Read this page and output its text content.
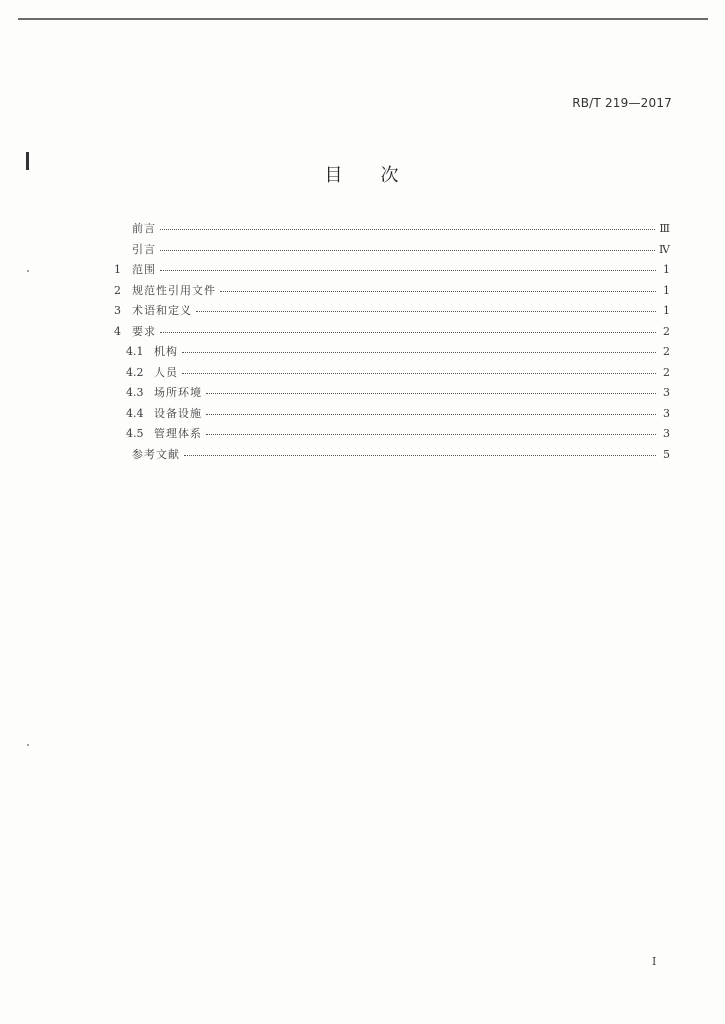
RB/T 219—2017
目 次
前言	Ⅲ
引言	Ⅳ
1	范围	1
2	规范性引用文件	1
3	术语和定义	1
4	要求	2
4.1 机构	2
4.2 人员	2
4.3 场所环境	3
4.4 设备设施	3
4.5 管理体系	3
参考文献	5
I
